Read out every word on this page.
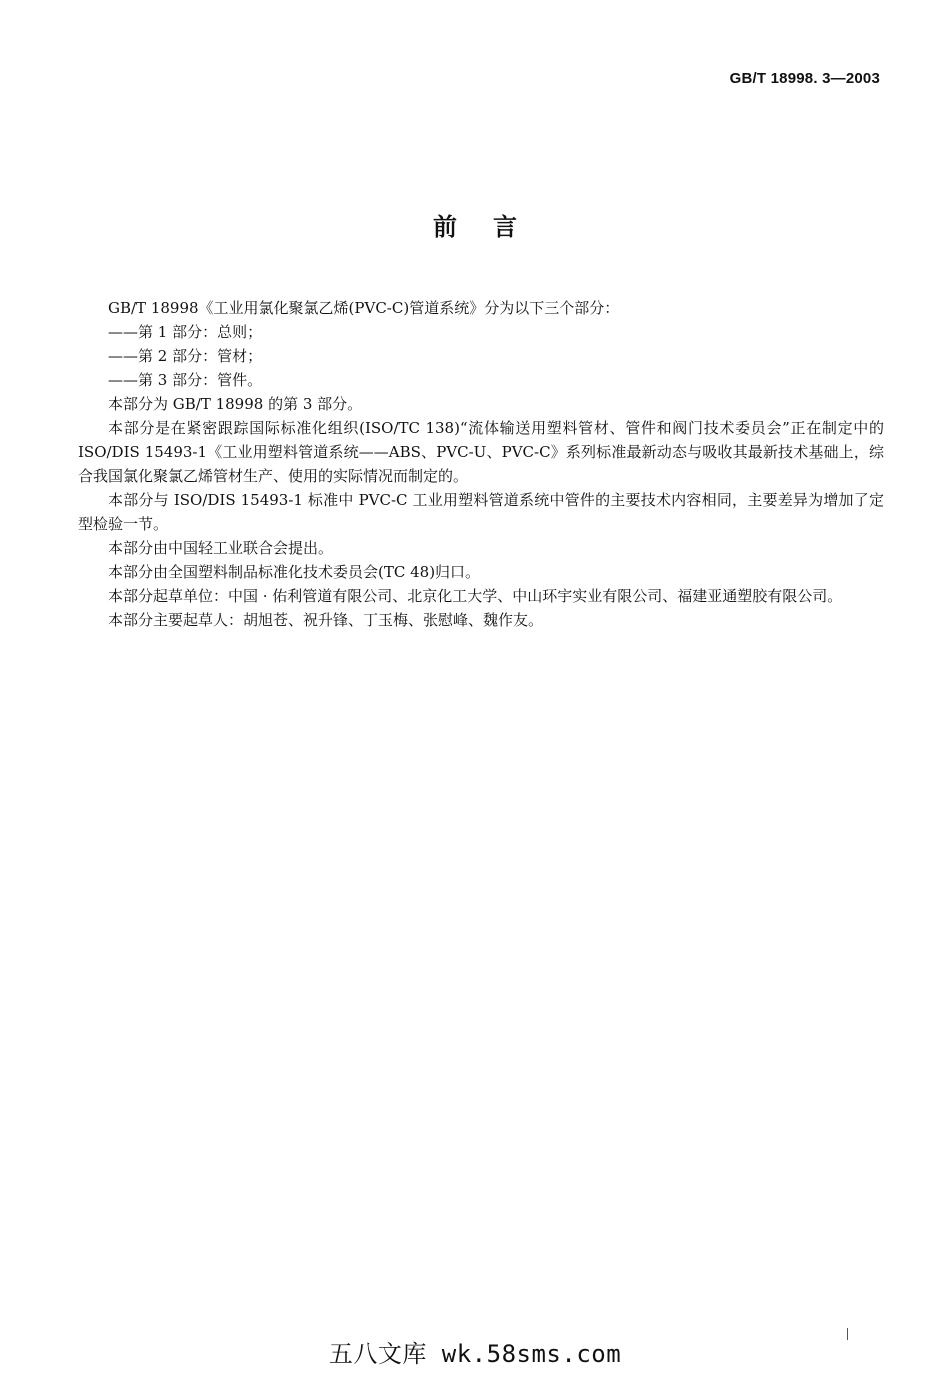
GB/T 18998. 3—2003
前言

GB/T 18998《工业用氯化聚氯乙烯(PVC-C)管道系统》分为以下三个部分：

——第 1 部分：总则；

——第 2 部分：管材；

——第 3 部分：管件。

本部分为 GB/T 18998 的第 3 部分。

本部分是在紧密跟踪国际标准化组织(ISO/TC 138)“流体输送用塑料管材、管件和阀门技术委员会”正在制定中的 ISO/DIS 15493-1《工业用塑料管道系统——ABS、PVC-U、PVC-C》系列标准最新动态与吸收其最新技术基础上，综合我国氯化聚氯乙烯管材生产、使用的实际情况而制定的。

本部分与 ISO/DIS 15493-1 标准中 PVC-C 工业用塑料管道系统中管件的主要技术内容相同，主要差异为增加了定型检验一节。

本部分由中国轻工业联合会提出。

本部分由全国塑料制品标准化技术委员会(TC 48)归口。

本部分起草单位：中国 · 佑利管道有限公司、北京化工大学、中山环宇实业有限公司、福建亚通塑胶有限公司。

本部分主要起草人：胡旭苍、祝升锋、丁玉梅、张慰峰、魏作友。

五八文库 wk.58sms.com
